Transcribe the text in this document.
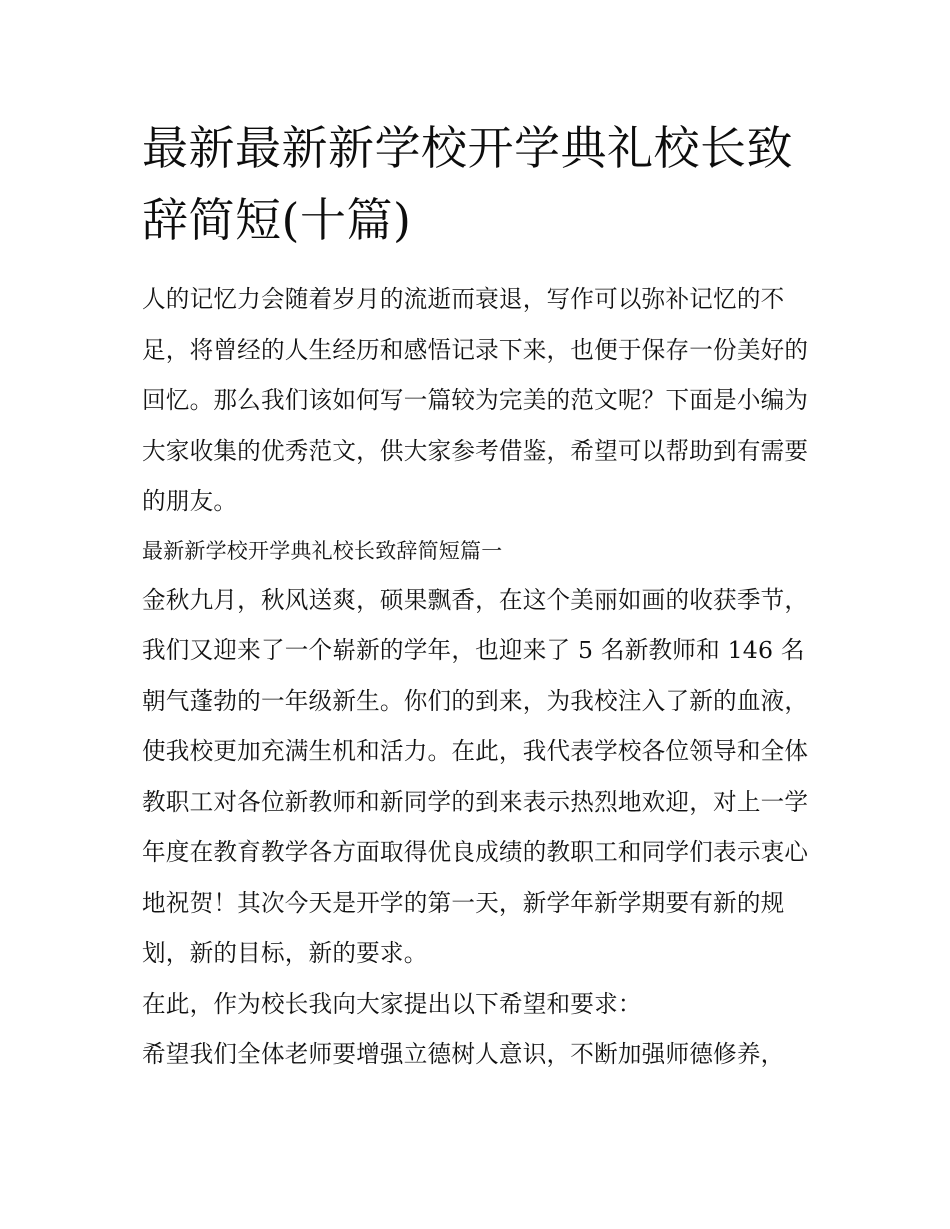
最新最新新学校开学典礼校长致辞简短(十篇)

人的记忆力会随着岁月的流逝而衰退，写作可以弥补记忆的不足，将曾经的人生经历和感悟记录下来，也便于保存一份美好的回忆。那么我们该如何写一篇较为完美的范文呢？下面是小编为大家收集的优秀范文，供大家参考借鉴，希望可以帮助到有需要的朋友。

最新新学校开学典礼校长致辞简短篇一

金秋九月，秋风送爽，硕果飘香，在这个美丽如画的收获季节，我们又迎来了一个崭新的学年，也迎来了 5 名新教师和 146 名朝气蓬勃的一年级新生。你们的到来，为我校注入了新的血液，使我校更加充满生机和活力。在此，我代表学校各位领导和全体教职工对各位新教师和新同学的到来表示热烈地欢迎，对上一学年度在教育教学各方面取得优良成绩的教职工和同学们表示衷心地祝贺！其次今天是开学的第一天，新学年新学期要有新的规划，新的目标，新的要求。

在此，作为校长我向大家提出以下希望和要求：

希望我们全体老师要增强立德树人意识，不断加强师德修养，
